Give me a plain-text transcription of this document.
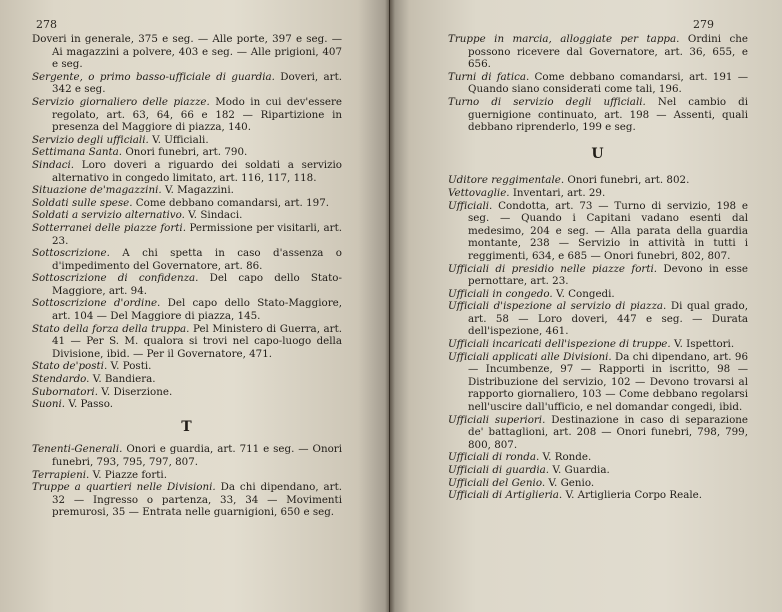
278

Doveri in generale, 375 e seg. — Alle porte, 397 e seg. — Ai magazzini a polvere, 403 e seg. — Alle prigioni, 407 e seg.

Sergente, o primo basso-ufficiale di guardia. Doveri, art. 342 e seg.

Servizio giornaliero delle piazze. Modo in cui dev'essere regolato, art. 63, 64, 66 e 182 — Ripartizione in presenza del Maggiore di piazza, 140.

Servizio degli ufficiali. V. Ufficiali.

Settimana Santa. Onori funebri, art. 790.

Sindaci. Loro doveri a riguardo dei soldati a servizio alternativo in congedo limitato, art. 116, 117, 118.

Situazione de'magazzini. V. Magazzini.

Soldati sulle spese. Come debbano comandarsi, art. 197.

Soldati a servizio alternativo. V. Sindaci.

Sotterranei delle piazze forti. Permissione per visitarli, art. 23.

Sottoscrizione. A chi spetta in caso d'assenza o d'impedimento del Governatore, art. 86.

Sottoscrizione di confidenza. Del capo dello Stato-Maggiore, art. 94.

Sottoscrizione d'ordine. Del capo dello Stato-Maggiore, art. 104 — Del Maggiore di piazza, 145.

Stato della forza della truppa. Pel Ministero di Guerra, art. 41 — Per S. M. qualora si trovi nel capo-luogo della Divisione, ibid. — Per il Governatore, 471.

Stato de'posti. V. Posti.

Stendardo. V. Bandiera.

Subornatori. V. Diserzione.

Suoni. V. Passo.

T

Tenenti-Generali. Onori e guardia, art. 711 e seg. — Onori funebri, 793, 795, 797, 807.

Terrapieni. V. Piazze forti.

Truppe a quartieri nelle Divisioni. Da chi dipendano, art. 32 — Ingresso o partenza, 33, 34 — Movimenti premurosi, 35 — Entrata nelle guarnigioni, 650 e seg.

279

Truppe in marcia, alloggiate per tappa. Ordini che possono ricevere dal Governatore, art. 36, 655, e 656.

Turni di fatica. Come debbano comandarsi, art. 191 — Quando siano considerati come tali, 196.

Turno di servizio degli ufficiali. Nel cambio di guernigione continuato, art. 198 — Assenti, quali debbano riprenderlo, 199 e seg.

U

Uditore reggimentale. Onori funebri, art. 802.

Vettovaglie. Inventari, art. 29.

Ufficiali. Condotta, art. 73 — Turno di servizio, 198 e seg. — Quando i Capitani vadano esenti dal medesimo, 204 e seg. — Alla parata della guardia montante, 238 — Servizio in attività in tutti i reggimenti, 634, e 685 — Onori funebri, 802, 807.

Ufficiali di presidio nelle piazze forti. Devono in esse pernottare, art. 23.

Ufficiali in congedo. V. Congedi.

Ufficiali d'ispezione al servizio di piazza. Di qual grado, art. 58 — Loro doveri, 447 e seg. — Durata dell'ispezione, 461.

Ufficiali incaricati dell'ispezione di truppe. V. Ispettori.

Ufficiali applicati alle Divisioni. Da chi dipendano, art. 96 — Incumbenze, 97 — Rapporti in iscritto, 98 — Distribuzione del servizio, 102 — Devono trovarsi al rapporto giornaliero, 103 — Come debbano regolarsi nell'uscire dall'ufficio, e nel domandar congedi, ibid.

Ufficiali superiori. Destinazione in caso di separazione de' battaglioni, art. 208 — Onori funebri, 798, 799, 800, 807.

Ufficiali di ronda. V. Ronde.

Ufficiali di guardia. V. Guardia.

Ufficiali del Genio. V. Genio.

Ufficiali di Artiglieria. V. Artiglieria Corpo Reale.
